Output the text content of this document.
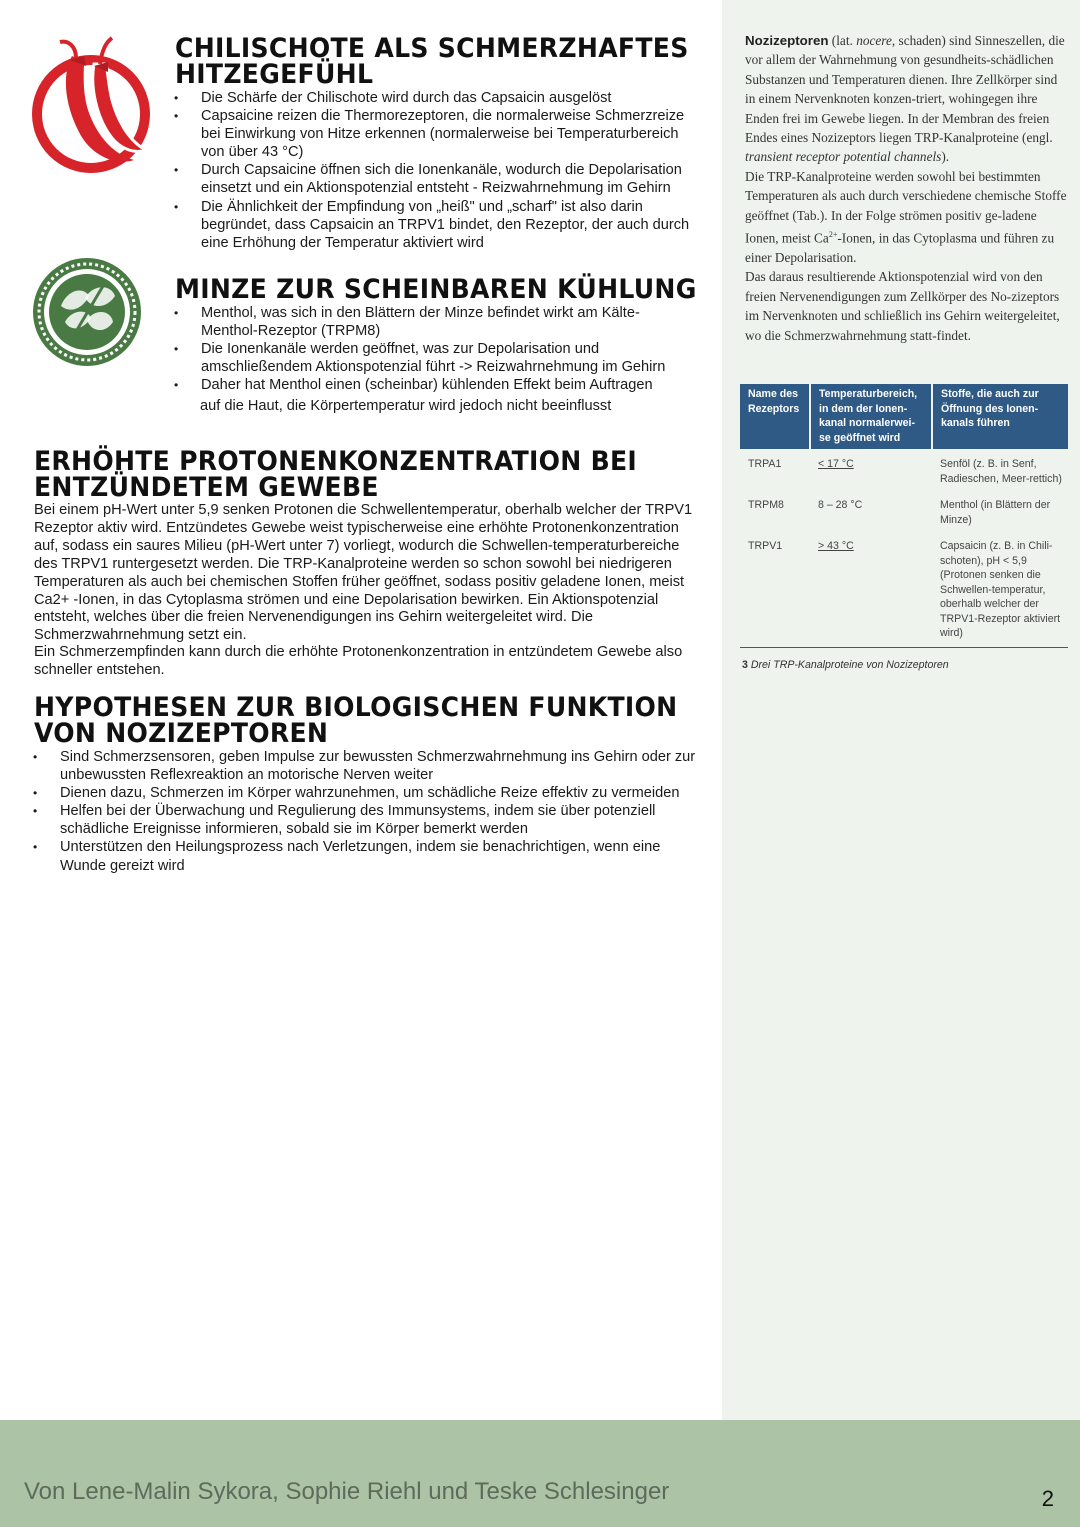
CHILISCHOTE ALS SCHMERZHAFTES
HITZEGEFÜHL
• Die Schärfe der Chilischote wird durch das Capsaicin ausgelöst
• Capsaicine reizen die Thermorezeptoren, die normalerweise Schmerzreize bei Einwirkung von Hitze erkennen (normalerweise bei Temperaturbereich von über 43 °C)
• Durch Capsaicine öffnen sich die Ionenkanäle, wodurch die Depolarisation einsetzt und ein Aktionspotenzial entsteht - Reizwahrnehmung im Gehirn
• Die Ähnlichkeit der Empfindung von „heiß" und „scharf" ist also darin begründet, dass Capsaicin an TRPV1 bindet, den Rezeptor, der auch durch eine Erhöhung der Temperatur aktiviert wird
MINZE ZUR SCHEINBAREN KÜHLUNG
• Menthol, was sich in den Blättern der Minze befindet wirkt am Kälte-Menthol-Rezeptor (TRPM8)
• Die Ionenkanäle werden geöffnet, was zur Depolarisation und amschließendem Aktionspotenzial führt -> Reizwahrnehmung im Gehirn
• Daher hat Menthol einen (scheinbar) kühlenden Effekt beim Auftragen
auf die Haut, die Körpertemperatur wird jedoch nicht beeinflusst
ERHÖHTE PROTONENKONZENTRATION BEI
ENTZÜNDETEM GEWEBE

Bei einem pH-Wert unter 5,9 senken Protonen die Schwellentemperatur, oberhalb welcher der TRPV1 Rezeptor aktiv wird. Entzündetes Gewebe weist typischerweise eine erhöhte Protonenkonzentration auf, sodass ein saures Milieu (pH-Wert unter 7) vorliegt, wodurch die Schwellen-temperaturbereiche des TRPV1 runtergesetzt werden. Die TRP-Kanalproteine werden so schon sowohl bei niedrigeren Temperaturen als auch bei chemischen Stoffen früher geöffnet, sodass positiv geladene Ionen, meist Ca2+ -Ionen, in das Cytoplasma strömen und eine Depolarisation bewirken. Ein Aktionspotenzial entsteht, welches über die freien Nervenendigungen ins Gehirn weitergeleitet wird. Die Schmerzwahrnehmung setzt ein.

Ein Schmerzempfinden kann durch die erhöhte Protonenkonzentration in entzündetem Gewebe also schneller entstehen.

HYPOTHESEN ZUR BIOLOGISCHEN FUNKTION
VON NOZIZEPTOREN
• Sind Schmerzsensoren, geben Impulse zur bewussten Schmerzwahrnehmung ins Gehirn oder zur unbewussten Reflexreaktion an motorische Nerven weiter
• Dienen dazu, Schmerzen im Körper wahrzunehmen, um schädliche Reize effektiv zu vermeiden
• Helfen bei der Überwachung und Regulierung des Immunsystems, indem sie über potenziell schädliche Ereignisse informieren, sobald sie im Körper bemerkt werden
• Unterstützen den Heilungsprozess nach Verletzungen, indem sie benachrichtigen, wenn eine Wunde gereizt wird

Nozizeptoren (lat. nocere, schaden) sind Sinneszellen, die vor allem der Wahrnehmung von gesundheits-schädlichen Substanzen und Temperaturen dienen. Ihre Zellkörper sind in einem Nervenknoten konzen-triert, wohingegen ihre Enden frei im Gewebe liegen. In der Membran des freien Endes eines Nozizeptors liegen TRP-Kanalproteine (engl. transient receptor potential channels).
Die TRP-Kanalproteine werden sowohl bei bestimmten Temperaturen als auch durch verschiedene chemische Stoffe geöffnet (Tab.). In der Folge strömen positiv ge-ladene Ionen, meist $Ca^{2+}$-Ionen, in das Cytoplasma und führen zu einer Depolarisation.
Das daraus resultierende Aktionspotenzial wird von den freien Nervenendigungen zum Zellkörper des No-zizeptors im Nervenknoten und schließlich ins Gehirn weitergeleitet, wo die Schmerzwahrnehmung statt-findet.

Name des Rezeptors	Temperaturbereich, in dem der Ionen-kanal normalerwei-se geöffnet wird	Stoffe, die auch zur Öffnung des Ionen-kanals führen
TRPA1	< 17 °C	Senföl (z. B. in Senf, Radieschen, Meer-rettich)
TRPM8	8 – 28 °C	Menthol (in Blättern der Minze)
TRPV1	> 43 °C	Capsaicin (z. B. in Chili-schoten), pH < 5,9 (Protonen senken die Schwellen-temperatur, oberhalb welcher der TRPV1-Rezeptor aktiviert wird)
3 Drei TRP-Kanalproteine von Nozizeptoren
Von Lene-Malin Sykora, Sophie Riehl und Teske Schlesinger	2
